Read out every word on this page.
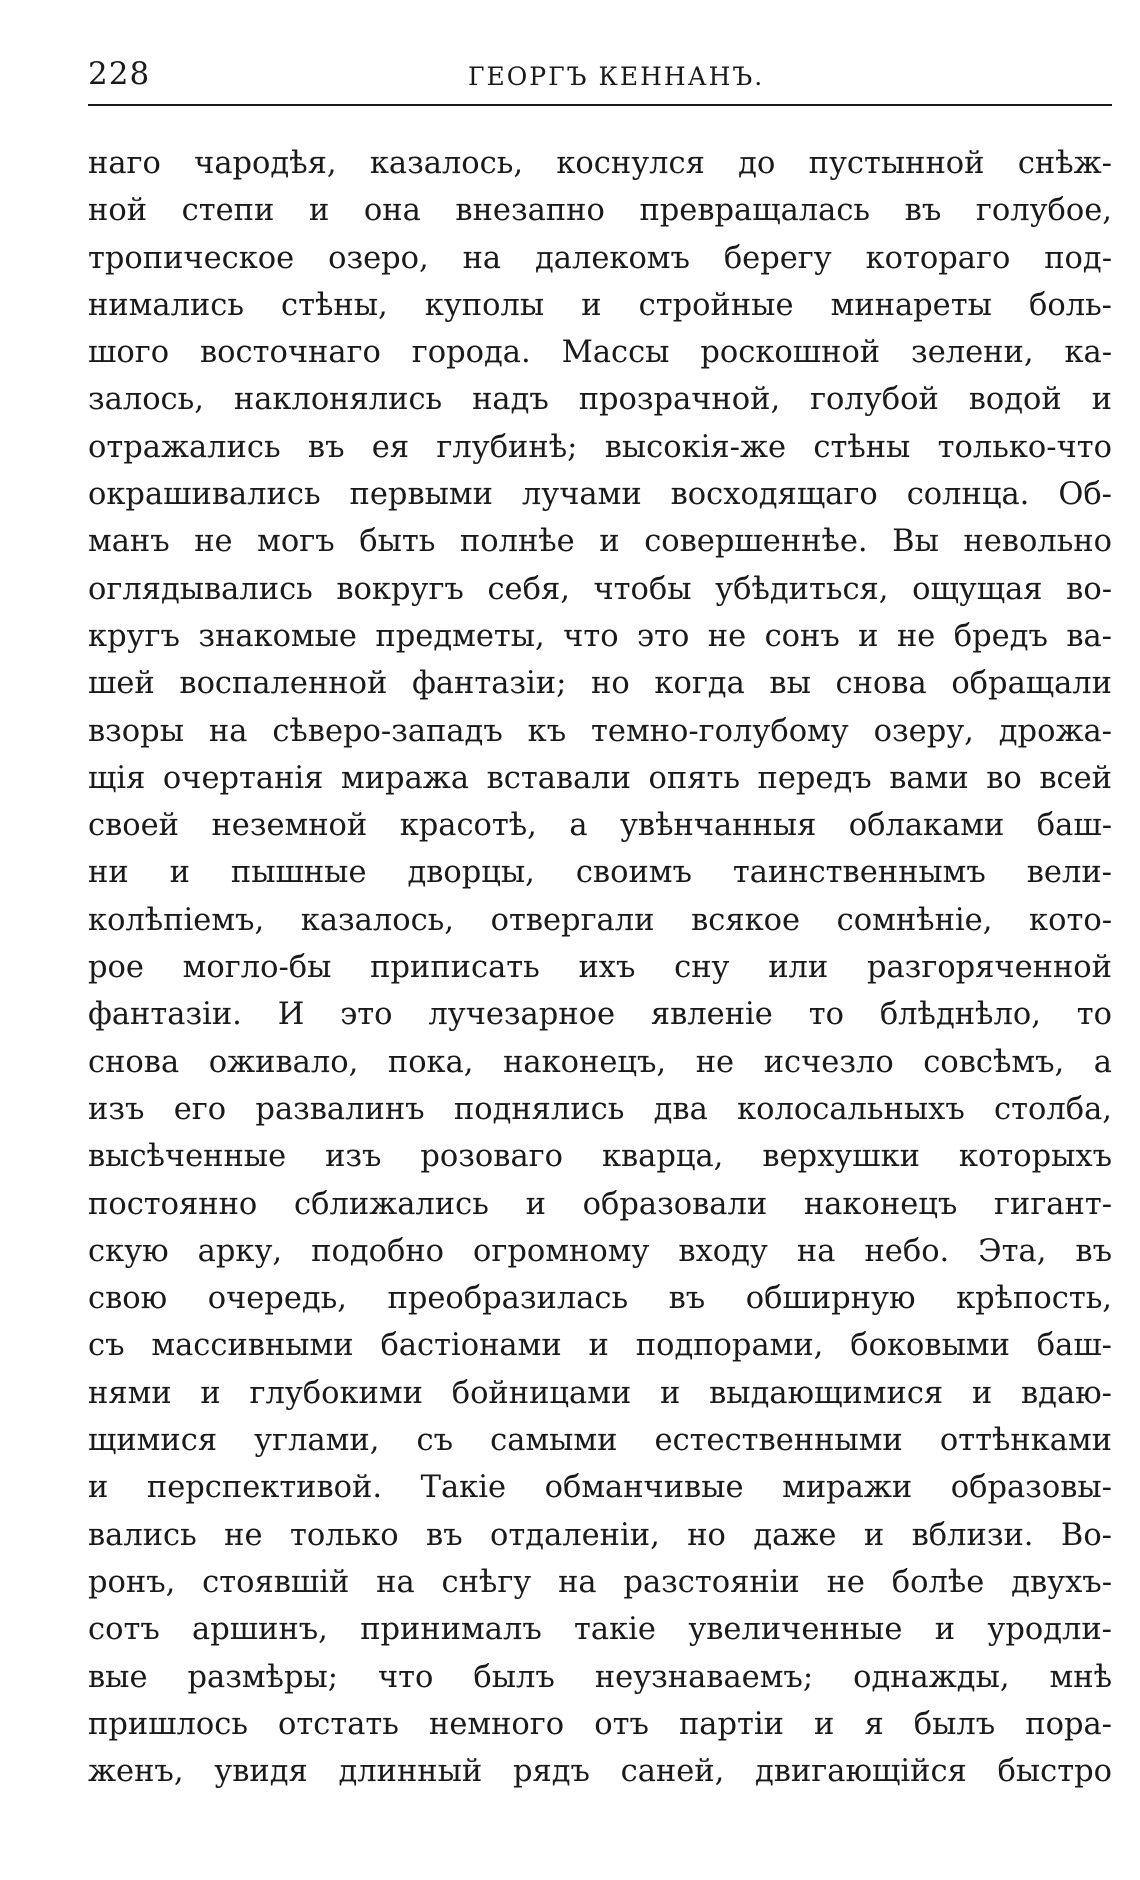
228	ГЕОРГЪ КЕННАНЪ.
наго чародѣя, казалось, коснулся до пустынной снѣж-
ной степи и она внезапно превращалась въ голубое,
тропическое озеро, на далекомъ берегу котораго под-
нимались стѣны, куполы и стройные минареты боль-
шого восточнаго города. Массы роскошной зелени, ка-
залось, наклонялись надъ прозрачной, голубой водой и
отражались въ ея глубинѣ; высокія-же стѣны только-что
окрашивались первыми лучами восходящаго солнца. Об-
манъ не могъ быть полнѣе и совершеннѣе. Вы невольно
оглядывались вокругъ себя, чтобы убѣдиться, ощущая во-
кругъ знакомые предметы, что это не сонъ и не бредъ ва-
шей воспаленной фантазіи; но когда вы снова обращали
взоры на сѣверо-западъ къ темно-голубому озеру, дрожа-
щія очертанія миража вставали опять передъ вами во всей
своей неземной красотѣ, а увѣнчанныя облаками баш-
ни и пышные дворцы, своимъ таинственнымъ вели-
колѣпіемъ, казалось, отвергали всякое сомнѣніе, кото-
рое могло-бы приписать ихъ сну или разгоряченной
фантазіи. И это лучезарное явленіе то блѣднѣло, то
снова оживало, пока, наконецъ, не исчезло совсѣмъ, а
изъ его развалинъ поднялись два колосальныхъ столба,
высѣченные изъ розоваго кварца, верхушки которыхъ
постоянно сближались и образовали наконецъ гигант-
скую арку, подобно огромному входу на небо. Эта, въ
свою очередь, преобразилась въ обширную крѣпость,
съ массивными бастіонами и подпорами, боковыми баш-
нями и глубокими бойницами и выдающимися и вдаю-
щимися углами, съ самыми естественными оттѣнками
и перспективой. Такіе обманчивые миражи образовы-
вались не только въ отдаленіи, но даже и вблизи. Во-
ронъ, стоявшій на снѣгу на разстояніи не болѣе двухъ-
сотъ аршинъ, принималъ такіе увеличенные и уродли-
вые размѣры; что былъ неузнаваемъ; однажды, мнѣ
пришлось отстать немного отъ партіи и я былъ пора-
женъ, увидя длинный рядъ саней, двигающійся быстро
